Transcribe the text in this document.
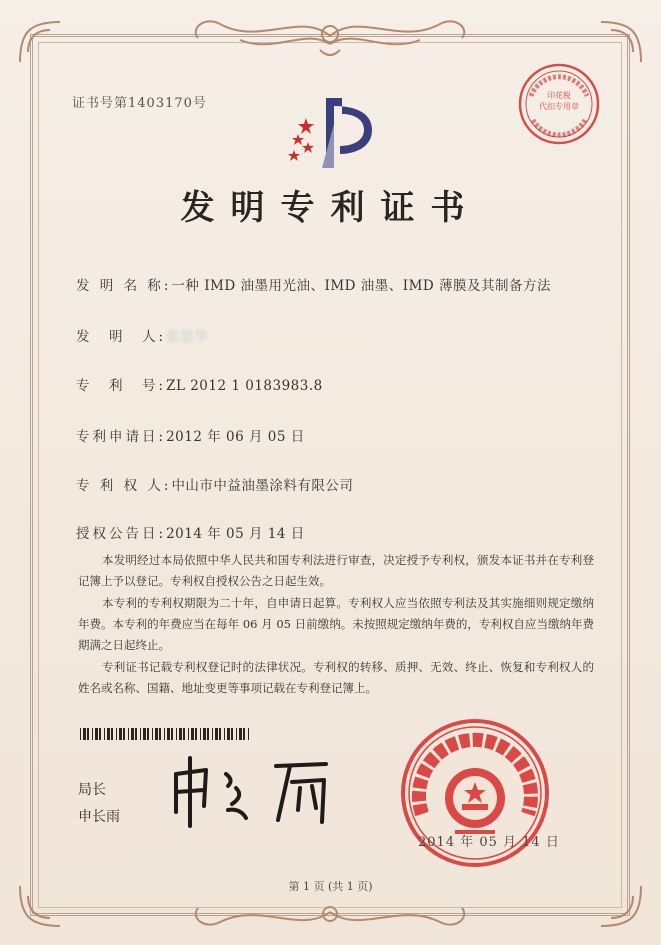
证书号第1403170号
印花税
代扣专用章
发明专利证书
发 明 名 称:一种 IMD 油墨用光油、IMD 油墨、IMD 薄膜及其制备方法
发　明　人:张思华
专　利　号:ZL 2012 1 0183983.8
专利申请日:2012 年 06 月 05 日
专 利 权 人:中山市中益油墨涂料有限公司
授权公告日:2014 年 05 月 14 日

本发明经过本局依照中华人民共和国专利法进行审查，决定授予专利权，颁发本证书并在专利登记簿上予以登记。专利权自授权公告之日起生效。

本专利的专利权期限为二十年，自申请日起算。专利权人应当依照专利法及其实施细则规定缴纳年费。本专利的年费应当在每年 06 月 05 日前缴纳。未按照规定缴纳年费的，专利权自应当缴纳年费期满之日起终止。

专利证书记载专利权登记时的法律状况。专利权的转移、质押、无效、终止、恢复和专利权人的姓名或名称、国籍、地址变更等事项记载在专利登记簿上。

局长
申长雨
2014 年 05 月 14 日
第 1 页 (共 1 页)
